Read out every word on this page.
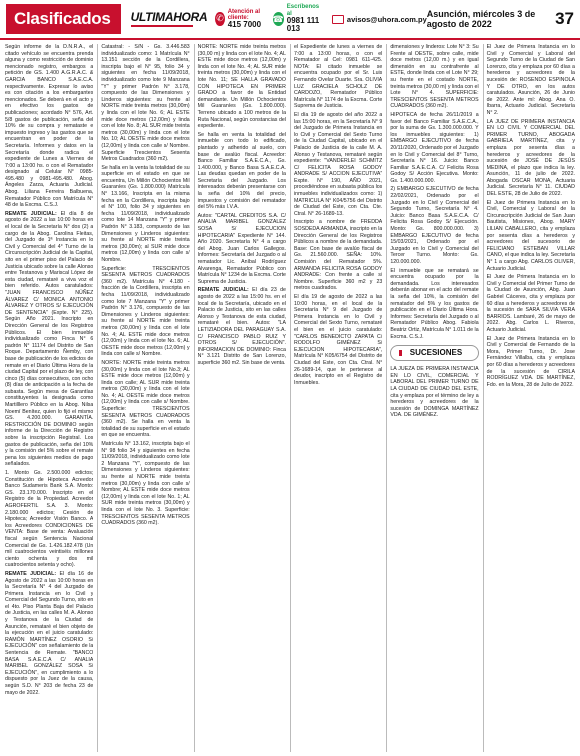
Clasificados	ULTIMAHORA ✆
Atención al cliente:
415 7000
☎
Escríbenos al
0981 111 013
avisos@uhora.com.py Asunción, miércoles 3 de agosto de 2022	37

Según informe de la D.N.R.A., el citado vehículo se encuentra prenda alguna y como restricción de dominio mencionado registro, embargos a petición de GS. 1.400 A.G.R.A.C. & GARCIA BANCO S.A.E.C.A. respectivamente. Expresar lo aviso es con citación a los embargantes mencionados. Se deberá en el acto y en efectivo los gastos de publicaciones; acordado N° 576, Art. 5/8 gastos de publicación, seña del 10% de su compra y remataste e impuesto ingreso y las gastos que se encuentran en poder de la Secretaría. Informes y datos en la Secretaría donde radica el expediente de Lunes a Viernes de 7:00 a 13:00 hs. o con el Rematador designado al Celular N° 0985-495.480 y 0981-495.480. Abog. Ángeles Zarza, Actuaria Judicial. Abog. Liliana Ferreira Balbuena, Rematador Público con Matrícula N° 48 de la Excma. C.S.J.

REMATE JUDICIAL: El día 8 de agosto de 2022 a las 10:00 horas en el local de la Secretaría N° dos (2) a cargo de la Abog. Carolina Fleitas, del Juzgado de 1ª Instancia en lo Civil y Comercial del 4° Turno de la Circunscripción Judicial de la Capital, sito en el primer piso del Palacio de Justicia ubicado sobre la calle Alonso entre Testanova y Mariscal López de esta ciudad, remataré a viva voz el bien referido. Autos caratulados: "JUAN FRANCISCO NÚÑEZ ÁLVAREZ C/ MONICA ANTONIO ÁLVAREZ Y OTROS S/ EJECUCIÓN DE SENTENCIA" (Expte. N° 225). Según Año 2021. Inscripto en Dirección General de los Registros Públicos. El bien inmueble individualizado como Finca N° 6 padrón N° 11174 del Distrito de San Roque. Departamento Ñemby, con base de publicación de los edictos de remate en el Diario Última Hora de la ciudad Capital por el plazo de ley, con cinco (5) días consecutivos, con ocho (8) días de anticipación a la fecha de subasta. Según mesa de Garantías constituyentes la designada como Martilllero Público en la Abog. Nilsa Noemí Benítez, quien lo fijó el mismo GS. 4.200.000. GARANTÍA. RESTRICCIÓN DE DOMINIO según informe de la Dirección de Registro sobre la inscripción Registral. Los gastos de publicación, seña del 10% y la comisión del 5% sobre el remate pena los siguientes medios de pago señalados.

1. Monto Gs. 2.500.000 edictos; Constitución de Hipoteca Acreedor Banco Sudameris Bank S.A. Monto: GS. 23.170.000. Inscripto en el Registro de la Propiedad. Acreedor AGROFERTIL S.A. 3. Monto: 2.180.000 edictos; Cesión de Hipoteca; Acreedor Visión Banco. A los Acreedores CONDICIONES DE VENTA: Base de venta: Avaluación fiscal según Sentencia Nacional Comercial de Gs. 1.426.182.478 (Un mil cuatrocientos veintiséis millones ciento ochenta y dos mil cuatrocientos setenta y ocho).

REMATE JUDICIAL: El día 16 de Agosto de 2022 a las 10:00 horas en la Secretaría N° 4 del Juzgado de Primera Instancia en lo Civil y Comercial del Segundo Turno, sito en el 4to. Piso Planta Baja del Palacio de Justicia, en las calles M. A. Alonso y Testanova de la Ciudad de Asunción, remataré el bien objeto de la ejecución en el juicio caratulado: RAMÓN MARTÍNEZ OSORIO S/ EJECUCIÓN" con señalamiento de la Sentencia de Remate. "BANCO BASA S.A.E.C.A C/ ANALIA MARIBEL GONZÁLEZ SOSA S/ EJECUCIÓN", en cumplimiento a lo dispuesto por la Juez de la causa, según S.D. N° 203 de fecha 23 de mayo de 2022.

Catastral: - S/N - Gs. 3.446.583 individualizado como: 1 Matrícula N° 13.151 sección de la Cordillera, inscripta bajo el N° 95, folio 34 y siguientes en fecha 11/09/2018, individualizado como lote 9 Manzana "Y" y primer Padrón N° 3.178, compuesto de las Dimensiones y Linderos siguientes: su frente al NORTE mide treinta metros (30,00m) y linda con el lote No. 6; AL ESTE mide doce metros (12,00m) y linda con el lote No. 8; AL SUR mide treinta metros (30,00m) y linda con el lote No. 10; AL OESTE mide doce metros (12,00m) y linda con calle s/ Nombre. Superficie Trescientos Sesenta Metros Cuadrados (360 m2).

Se halla en la venta la totalidad de su superficie en el estado en que se encuentra, Un Millón Ochocientos Mil Guaraníes (Gs. 1.800.000) Matrícula N° 13.166, Inscripta en la misma fecha en la Cordillera, inscripta bajo el N° 100, folio 34 y siguientes en fecha 11/09/2018, individualizado como lote 14 Manzana "Y" y primer Padrón N° 3.183, compuesto de las Dimensiones y Linderos siguientes: su frente al NORTE mide treinta metros (30,00m); al SUR mide doce metros (12,00m) y linda con calle s/ Nombre.

Superficie: TRESCIENTOS SESENTA METROS CUADRADOS (360 m2). Matrícula N° 4.180 - fracción de la Cordillera, inscripta en fecha 11/09/2018, individualizado como lote 7 Manzana "Y" y primer Padrón N° 3.176, compuesto de las Dimensiones y Linderos siguientes: su frente al NORTE mide treinta metros (30,00m) y linda con el lote No. 4; AL ESTE mide doce metros (12,00m) y linda con el lote No. 6; AL OESTE mide doce metros (12,00m) y linda con calle s/ Nombre.

NORTE: NORTE mide treinta metros (30,00m) y linda con el lote No.3; AL ESTE mide doce metros (12,00m) y linda con calle; AL SUR mide treinta metros (30,00m) y linda con el lote No. 4; AL OESTE mide doce metros (12,00m) y linda con calle s/ Nombre. Superficie: TRESCIENTOS SESENTA METROS CUADRADOS (360 m2). Se halla en venta la totalidad de su superficie en el estado en que se encuentra.

Matrícula N° 13.162, inscripta bajo el N° 98 folio 34 y siguientes en fecha 11/09/2018, individualizado como lote 2 Manzana "Y", compuesto de las Dimensiones y Linderos siguientes: su frente al NORTE mide treinta metros (30,00m) y linda con calle s/ Nombre; AL ESTE mide doce metros (12,00m) y linda con el lote No. 1; AL SUR mide treinta metros (30,00m) y linda con el lote No. 3. Superficie: TRESCIENTOS SESENTA METROS CUADRADOS (360 m2).

NORTE: NORTE mide treinta metros (30,00 m) y linda con el lote No. 4; AL ESTE mide doce metros (12,00m) y linda con el lote No. 4; AL SUR mide treinta metros (30,00m) y linda con el lote No. 11; SE HALLA GRAVADO CON HIPOTECA EN PRIMER GRADO a favor de la Entidad demandante. Un Millón Ochocientos Mil Guaraníes (Gs. 1.800.000). Terreno ubicado a 100 metros de la Ruta Nacional, según constancias del expediente.

Se halla en venta la totalidad del inmueble con todo lo edificado, plantado y adherido al suelo, con base de avalúo fiscal. Acreedor: Banco Familiar S.A.E.C.A., Gs. 1.400.000, y Banco Basa S.A.E.C.A. Las deudas quedan en poder de la Secretaría del Juzgado. Los interesados deberán presentarse con la seña del 10% del precio, impuestos y comisión del rematador del 5% más I.V.A.

Autos: "CARTAL CREDITOS S.A. C/ ANALIA MARIBEL GONZALEZ SOSA S/ EJECUCION HIPOTECARIA" Expediente N° 144. Año 2020. Secretaría N° 4 a cargo del Abog. Juan Carlos Gallegos. Informes: Secretaría del Juzgado o al rematador Lic. Aníbal Rodríguez Alvarenga, Rematador Público con Matrícula N° 1234 de la Excma. Corte Suprema de Justicia.

REMATE JUDICIAL: El día 23 de agosto de 2022 a las 15:00 hs. en el local de la Secretaría, ubicado en el Palacio de Justicia, sito en las calles Alonso y Testanova de esta ciudad, remataré el bien. Autos: "LA LETIZIADORA DEL PARAGUAY S.A. C/ FRANCISCO PABLO RUIZ Y OTROS S/ EJECUCIÓN". INFORMACION DE DOMINIO: Finca N° 3.121 Distrito de San Lorenzo, superficie 360 m2. Sin base de venta.

el Expediente de lunes a viernes de 7:00 a 13:00 horas, o con el Rematador al Cel: 0981 611-425. NOTA: El citado inmueble se encuentra ocupado por el Sr. Luis Fernando Ovelar Duarte. Sra. OLIVIA LUZ GRACIELA SCHOLZ DE CARDOZO, Rematador Público Matrícula N° 1174 de la Excma. Corte Suprema de Justicia.

El día 19 de agosto del año 2022 a las 15:00 horas, en la Secretaría N° 9 del Juzgado de Primera Instancia en lo Civil y Comercial del Sexto Turno de la Ciudad Capital, ubicado en el Palacio de Justicia de la calle M. A. Alonso y Testanova, remataré según expediente: "VANDERLEI SCHMITZ C/ FELICITA ROSA GODOY ANDRADE S/ ACCION EJECUTIVA" Expte. N° 190, AÑO 2021, procediéndose en subasta pública los inmuebles individualizados como: 1) MATRICULA N° K04/5756 del Distrito de Ciudad del Este, con Cta. Cte. Ctral. N° 26-1689-13.

Inscripto a nombre de FREDDA SOSDEDA ARMANDA, inscripto en la Dirección General de los Registros Públicos a nombre de la demandada. Base: Con base de avalúo fiscal de Gs. 21.560.000. SEÑA: 10%. Comisión del Rematador 5%. ARMANDA FELICITA ROSA GODOY ANDRADE: Con frente a calle s/ Nombre. Superficie 360 m2 y 23 metros cuadrados.

El día 19 de agosto de 2022 a las 10:00 horas, en el local de la Secretaría N° 9 del Juzgado de Primera Instancia en lo Civil y Comercial del Sexto Turno, remataré el bien en el juicio caratulado: "CARLOS BENEDICTO ZAPATA C/ RODOLFO GIMÉNEZ S/ EJECUCION HIPOTECARIA", Matrícula N° K05/6754 del Distrito de Ciudad del Este, con Cta. Ctral. N° 26-1689-14, que le pertenece al deudor, inscripto en el Registro de Inmuebles.

dimensiones y linderos: Lote N° 3: Su Frente al OESTE, sobre calle, mide doce metros (12,00 m.) y en igual dimensión en su contrafrente al ESTE, donde linda con el Lote N° 29; su frente en el costado NORTE, treinta metros (30,00 m) y linda con el Lote N° 4. SUPERFICIE: TRESCIENTOS SESENTA METROS CUADRADOS (360 m2).

HIPOTECA de fecha 26/11/2019 a favor del Banco Familiar S.A.E.C.A., por la suma de Gs. 1.300.000.000. Y los inmuebles siguientes: 1) EMBARGO EJECUTIVO de fecha 20/11/2020, Ordenado por el Juzgado en lo Civil y Comercial del 8° Turno, Secretaría N° 16. Juicio: Banco Familiar S.A.E.C.A. C/ Felicita Rosa Godoy S/ Acción Ejecutiva. Monto: Gs. 1.400.000.000.

2) EMBARGO EJECUTIVO de fecha 22/02/2021, Ordenado por el Juzgado en lo Civil y Comercial del Segundo Turno, Secretaría N° 4. Juicio: Banco Basa S.A.E.C.A. C/ Felicita Rosa Godoy S/ Ejecución. Monto: Gs. 800.000.000. 3) EMBARGO EJECUTIVO de fecha 15/03/2021, Ordenado por el Juzgado en lo Civil y Comercial del Tercer Turno. Monto: Gs. 120.000.000.

El inmueble que se rematará se encuentra ocupado por la demandada. Los interesados deberán abonar en el acto del remate la seña del 10%, la comisión del rematador del 5% y los gastos de publicación en el Diario Última Hora. Informes: Secretaría del Juzgado o al Rematador Público Abog. Fabiola Beatriz Ortiz, Matrícula N° 1.011 de la Excma. C.S.J.

SUCESIONES

LA JUEZA DE PRIMERA INSTANCIA EN LO CIVIL, COMERCIAL Y LABORAL DEL PRIMER TURNO DE LA CIUDAD DE CIUDAD DEL ESTE, cita y emplaza por el término de ley a herederos y acreedores de la sucesión de DOMINGA MARTÍNEZ VDA. DE GIMÉNEZ.

El Juez de Primera Instancia en lo Civil y Comercial y Laboral del Segundo Turno de la Ciudad de San Lorenzo, cita y emplaza por 60 días a herederos y acreedores de la sucesión de: ROSENDO ESPINOLA Y DE OTRO, en los autos caratulados. Asunción, 26 de Junio de 2022. Ante mí: Abog. Ana O. Ibarra, Actuario Judicial. Secretaría N° 2.

LA JUEZ DE PRIMERA INSTANCIA EN LO CIVIL Y COMERCIAL DEL PRIMER TURNO, ABOGADA GABRIELA MARTÍNEZ, cita y emplaza por sesenta días a herederos y acreedores de la sucesión de JOSÉ DE JESÚS MEDINA, el plazo que indica la ley. Asunción, 11 de julio de 2022. Abogada OSCAR MONA, Actuaria Judicial. Secretaría N° 11. CIUDAD DEL ESTE, 28 de Julio de 2022.

El Juez de Primera Instancia en lo Civil, Comercial y Laboral de la Circunscripción Judicial de San Juan Bautista, Misiones, Abog. MARY LILIAN CABALLERO, cita y emplaza por sesenta días a herederos y acreedores del sucesorio de FELICIANO ESTEBAN VILLAR CANO, el que indica la ley. Secretaría N° 1 a cargo Abg. CARLOS OLIVER, Actuario Judicial.

El Juez de Primera Instancia en lo Civil y Comercial del Primer Turno de la Ciudad de Asunción, Abg. Juan Gabriel Cáceres, cita y emplaza por 60 días a herederos y acreedores de la sucesión de SARA SILVIA VERA BARRIOS. Lambaré, 26 de mayo de 2022. Abg. Carlos L. Riveros, Actuario Judicial.

El Juez de Primera Instancia en lo Civil y Comercial de Fernando de la Mora, Primer Turno, Dr. Jose Fernández Villalba, cita y emplaza por 60 días a herederos y acreedores de la sucesión de CIRILA RODRÍGUEZ VDA. DE MARTÍNEZ, Fdo. en la Mora, 28 de Julio de 2022.
